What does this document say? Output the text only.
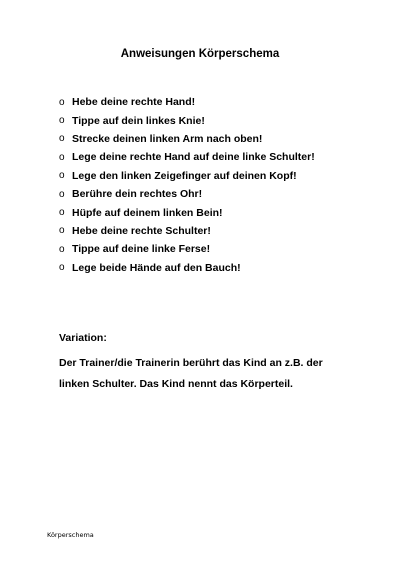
Anweisungen Körperschema
o Hebe deine rechte Hand!
o Tippe auf dein linkes Knie!
o Strecke deinen linken Arm nach oben!
o Lege deine rechte Hand auf deine linke Schulter!
o Lege den linken Zeigefinger auf deinen Kopf!
o Berühre dein rechtes Ohr!
o Hüpfe auf deinem linken Bein!
o Hebe deine rechte Schulter!
o Tippe auf deine linke Ferse!
o Lege beide Hände auf den Bauch!
Variation:
Der Trainer/die Trainerin berührt das Kind an z.B. der linken Schulter. Das Kind nennt das Körperteil.
Körperschema
